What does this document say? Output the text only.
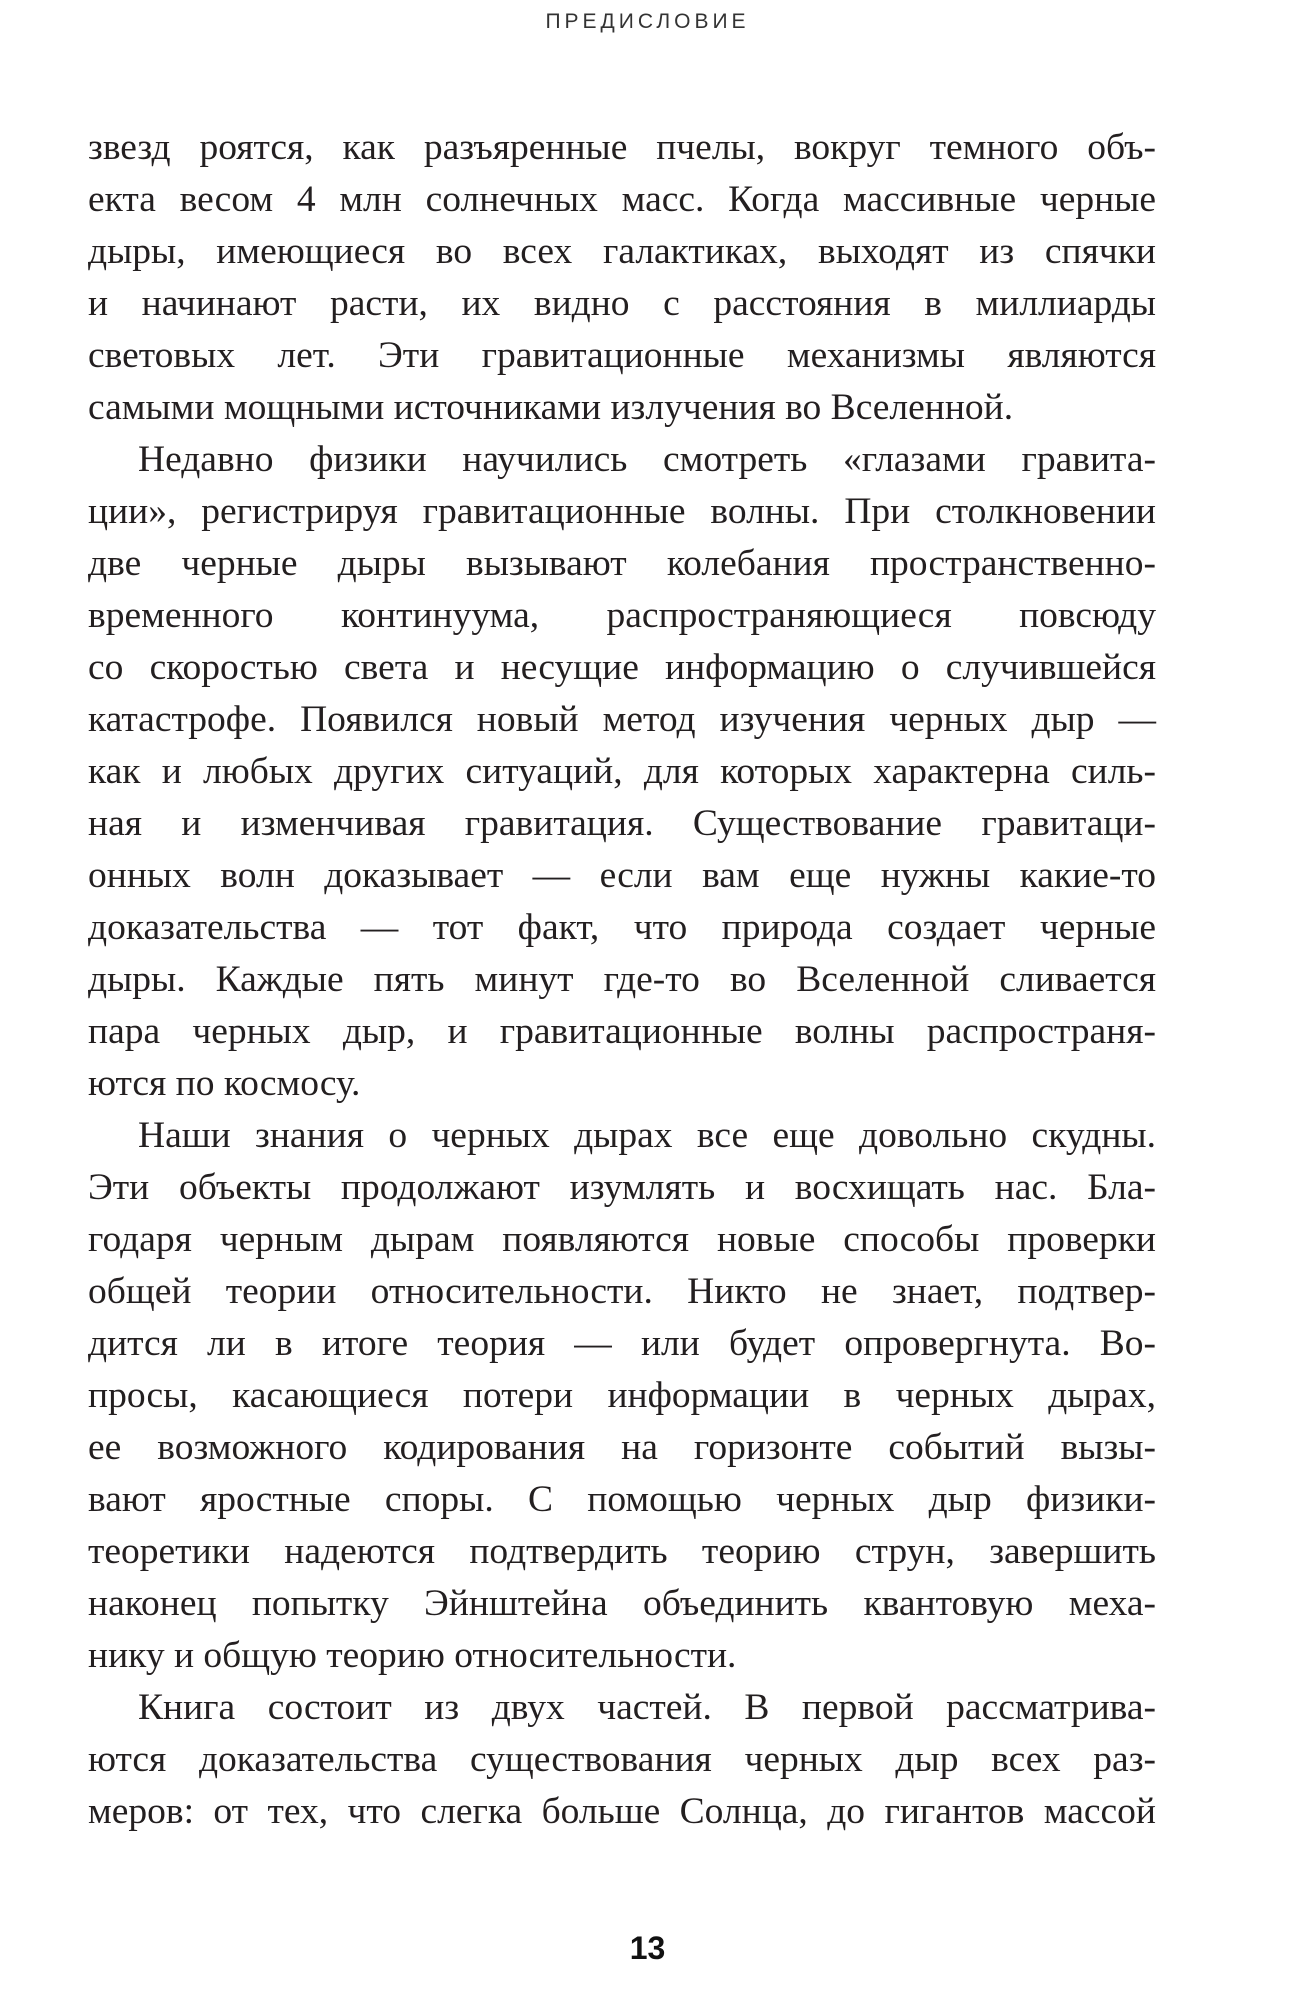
ПРЕДИСЛОВИЕ
звезд роятся, как разъяренные пчелы, вокруг темного объ-
екта весом 4 млн солнечных масс. Когда массивные черные
дыры, имеющиеся во всех галактиках, выходят из спячки
и начинают расти, их видно с расстояния в миллиарды
световых лет. Эти гравитационные механизмы являются
самыми мощными источниками излучения во Вселенной.
Недавно физики научились смотреть «глазами гравита-
ции», регистрируя гравитационные волны. При столкновении
две черные дыры вызывают колебания пространственно-
временного континуума, распространяющиеся повсюду
со скоростью света и несущие информацию о случившейся
катастрофе. Появился новый метод изучения черных дыр —
как и любых других ситуаций, для которых характерна силь-
ная и изменчивая гравитация. Существование гравитаци-
онных волн доказывает — если вам еще нужны какие-то
доказательства — тот факт, что природа создает черные
дыры. Каждые пять минут где-то во Вселенной сливается
пара черных дыр, и гравитационные волны распространя-
ются по космосу.
Наши знания о черных дырах все еще довольно скудны.
Эти объекты продолжают изумлять и восхищать нас. Бла-
годаря черным дырам появляются новые способы проверки
общей теории относительности. Никто не знает, подтвер-
дится ли в итоге теория — или будет опровергнута. Во-
просы, касающиеся потери информации в черных дырах,
ее возможного кодирования на горизонте событий вызы-
вают яростные споры. С помощью черных дыр физики-
теоретики надеются подтвердить теорию струн, завершить
наконец попытку Эйнштейна объединить квантовую меха-
нику и общую теорию относительности.
Книга состоит из двух частей. В первой рассматрива-
ются доказательства существования черных дыр всех раз-
меров: от тех, что слегка больше Солнца, до гигантов массой
13
